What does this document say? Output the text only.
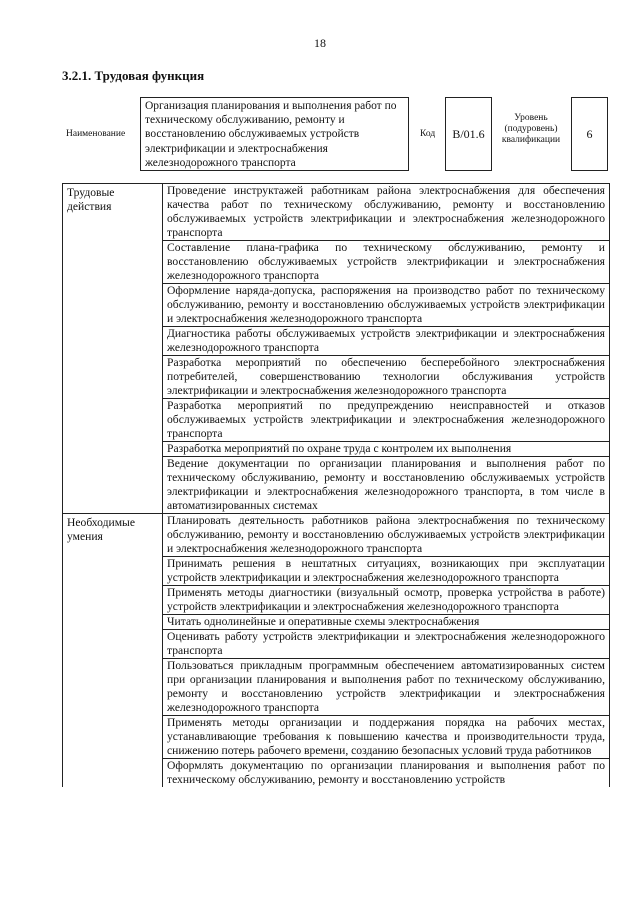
18
3.2.1. Трудовая функция
Наименование
Организация планирования и выполнения работ по техническому обслуживанию, ремонту и восстановлению обслуживаемых устройств электрификации и электроснабжения железнодорожного транспорта
Код В/01.6
Уровень (подуровень) квалификации 6
Трудовые действия	Проведение инструктажей работникам района электроснабжения для обеспечения качества работ по техническому обслуживанию, ремонту и восстановлению обслуживаемых устройств электрификации и электроснабжения железнодорожного транспорта
	Составление плана-графика по техническому обслуживанию, ремонту и восстановлению обслуживаемых устройств электрификации и электроснабжения железнодорожного транспорта
	Оформление наряда-допуска, распоряжения на производство работ по техническому обслуживанию, ремонту и восстановлению обслуживаемых устройств электрификации и электроснабжения железнодорожного транспорта
	Диагностика работы обслуживаемых устройств электрификации и электроснабжения железнодорожного транспорта
	Разработка мероприятий по обеспечению бесперебойного электроснабжения потребителей, совершенствованию технологии обслуживания устройств электрификации и электроснабжения железнодорожного транспорта
	Разработка мероприятий по предупреждению неисправностей и отказов обслуживаемых устройств электрификации и электроснабжения железнодорожного транспорта
	Разработка мероприятий по охране труда с контролем их выполнения
	Ведение документации по организации планирования и выполнения работ по техническому обслуживанию, ремонту и восстановлению обслуживаемых устройств электрификации и электроснабжения железнодорожного транспорта, в том числе в автоматизированных системах
Необходимые умения	Планировать деятельность работников района электроснабжения по техническому обслуживанию, ремонту и восстановлению обслуживаемых устройств электрификации и электроснабжения железнодорожного транспорта
	Принимать решения в нештатных ситуациях, возникающих при эксплуатации устройств электрификации и электроснабжения железнодорожного транспорта
	Применять методы диагностики (визуальный осмотр, проверка устройства в работе) устройств электрификации и электроснабжения железнодорожного транспорта
	Читать однолинейные и оперативные схемы электроснабжения
	Оценивать работу устройств электрификации и электроснабжения железнодорожного транспорта
	Пользоваться прикладным программным обеспечением автоматизированных систем при организации планирования и выполнения работ по техническому обслуживанию, ремонту и восстановлению устройств электрификации и электроснабжения железнодорожного транспорта
	Применять методы организации и поддержания порядка на рабочих местах, устанавливающие требования к повышению качества и производительности труда, снижению потерь рабочего времени, созданию безопасных условий труда работников
	Оформлять документацию по организации планирования и выполнения работ по техническому обслуживанию, ремонту и восстановлению устройств
